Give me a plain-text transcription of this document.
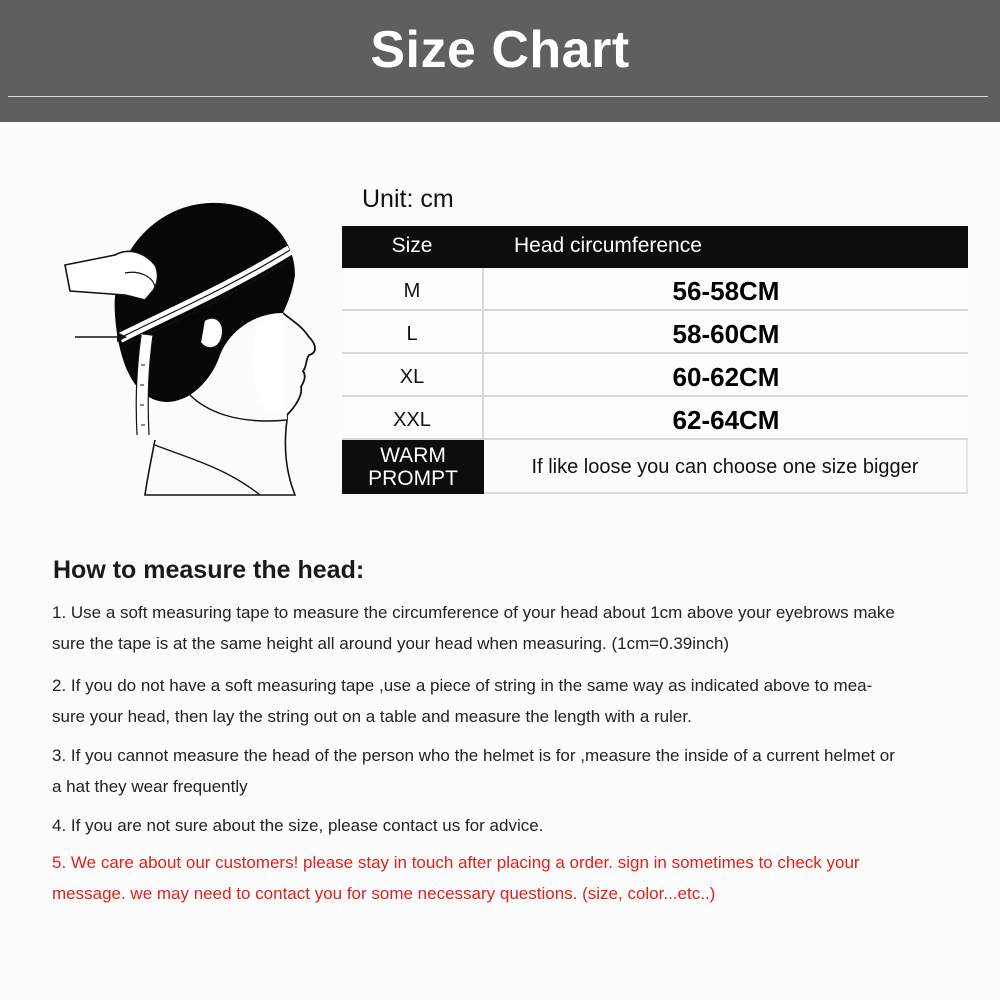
Size Chart
Unit: cm
Size	Head circumference
M	56-58CM
L	58-60CM
XL	60-62CM
XXL	62-64CM
WARM
PROMPT	If like loose you can choose one size bigger
How to measure the head:
1. Use a soft measuring tape to measure the circumference of your head about 1cm above your eyebrows make
sure the tape is at the same height all around your head when measuring. (1cm=0.39inch)
2. If you do not have a soft measuring tape ,use a piece of string in the same way as indicated above to mea-
sure your head, then lay the string out on a table and measure the length with a ruler.
3. If you cannot measure the head of the person who the helmet is for ,measure the inside of a current helmet or
a hat they wear frequently
4. If you are not sure about the size, please contact us for advice.
5. We care about our customers! please stay in touch after placing a order. sign in sometimes to check your
message. we may need to contact you for some necessary questions. (size, color...etc..)
